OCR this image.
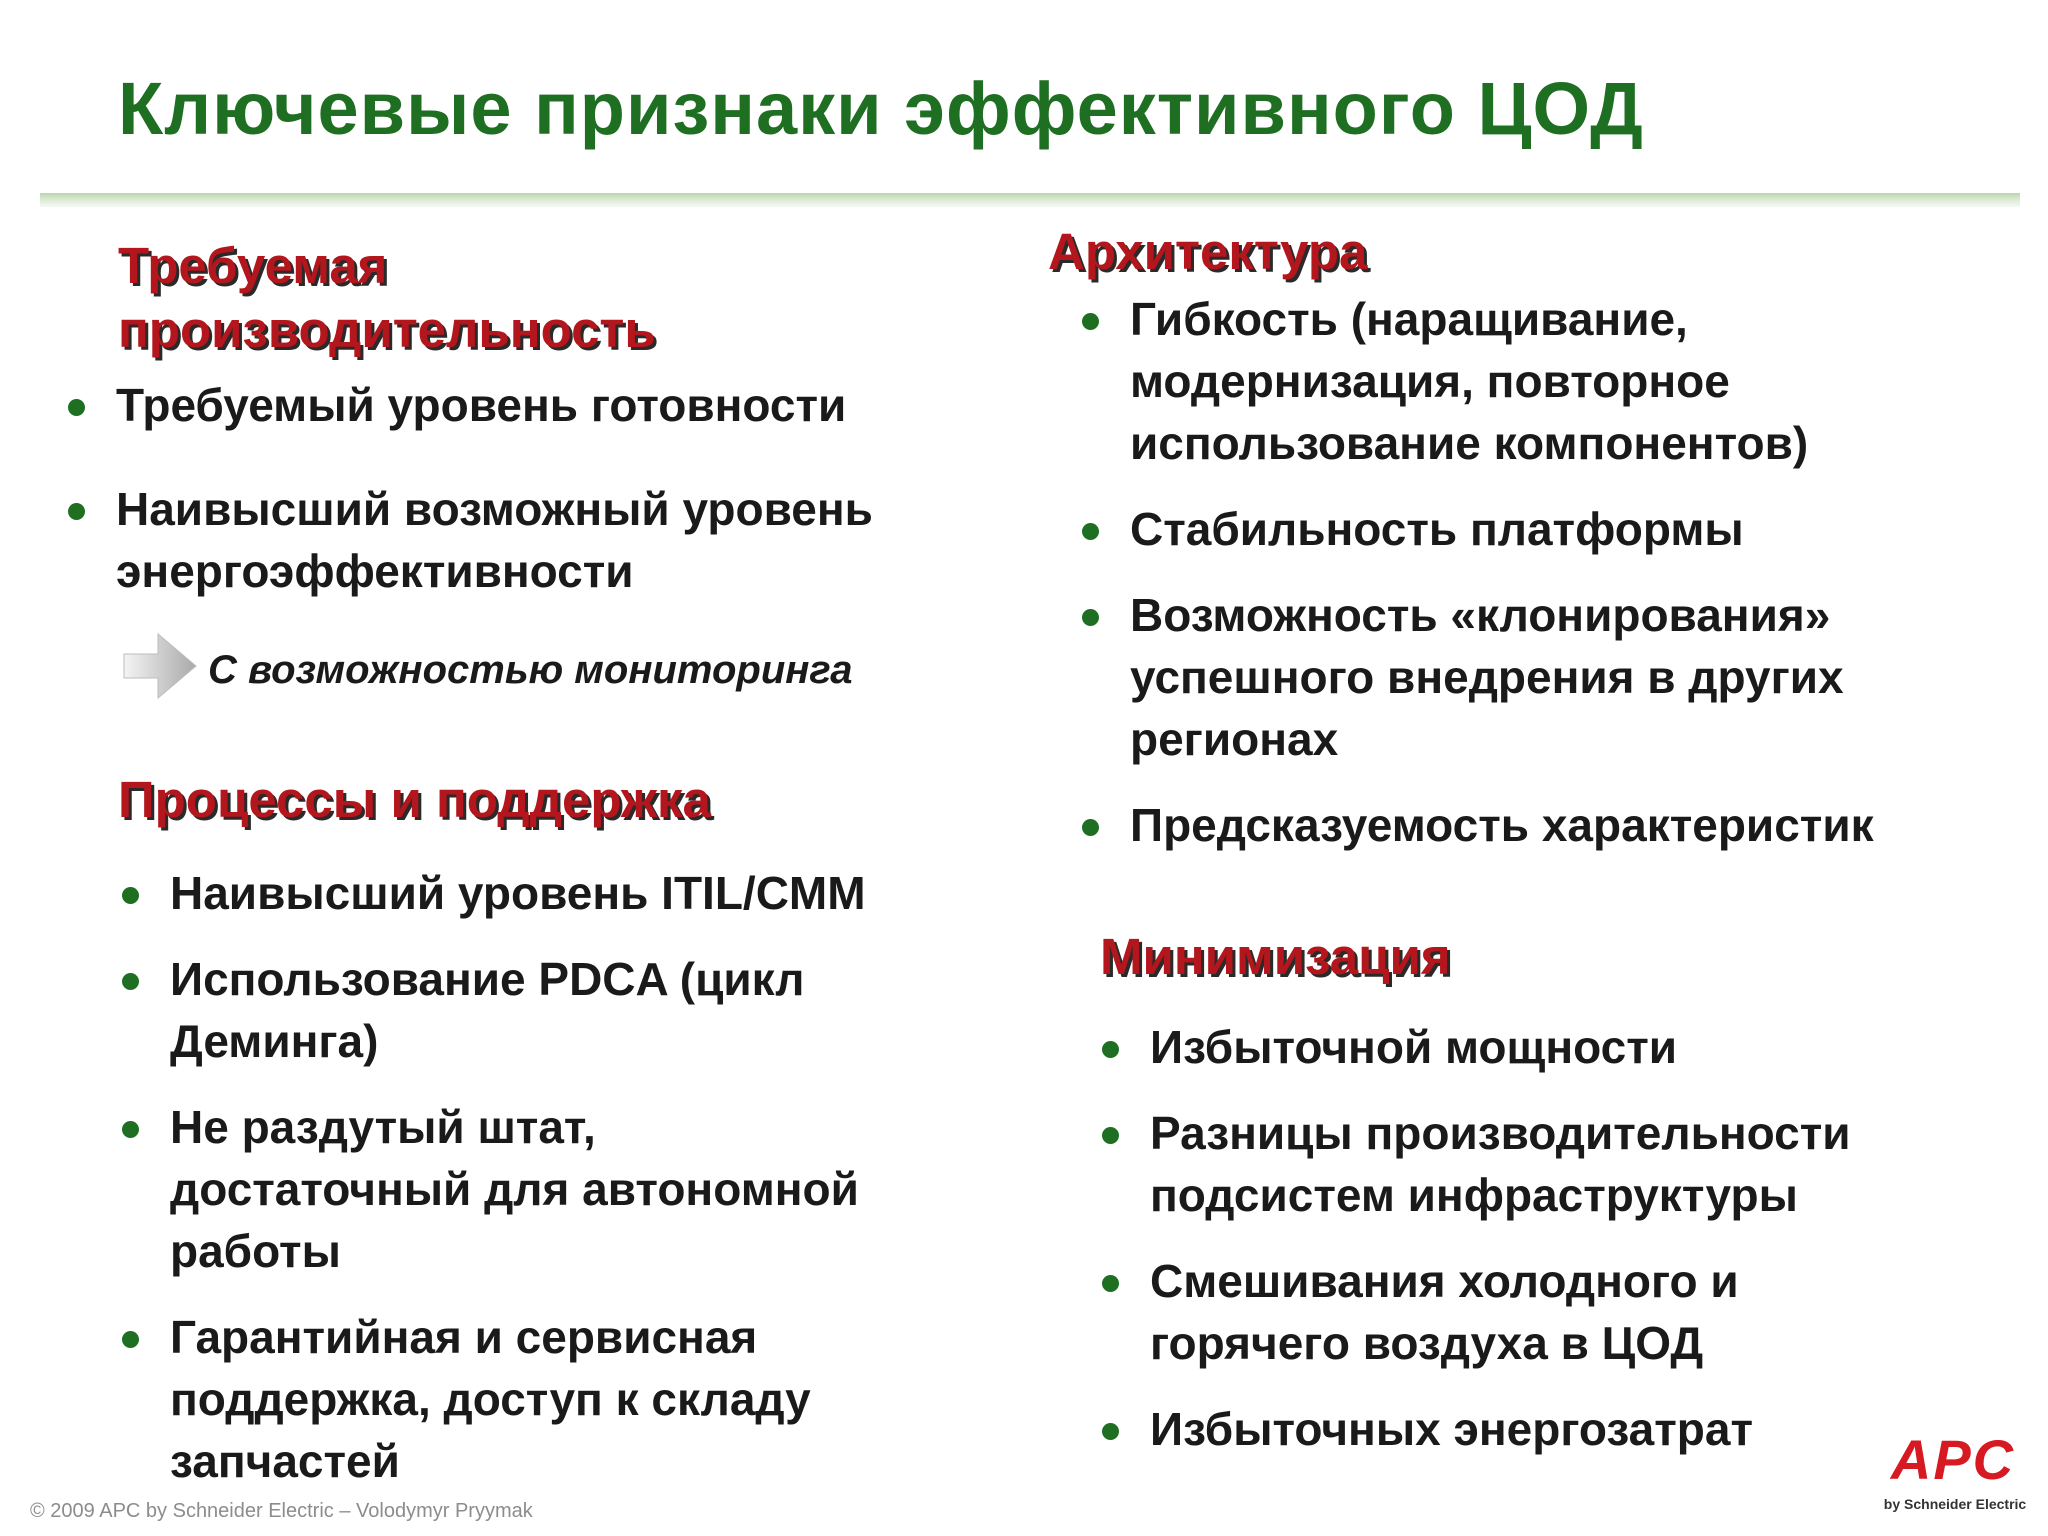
Ключевые признаки эффективного ЦОД
Требуемая
производительность
Требуемый уровень готовности
Наивысший возможный уровень
энергоэффективности
С возможностью мониторинга
Процессы и поддержка
Наивысший уровень ITIL/CMM
Использование PDCA (цикл
Деминга)
Не раздутый штат,
достаточный для автономной
работы
Гарантийная и сервисная
поддержка, доступ к складу
запчастей
Архитектура
Гибкость (наращивание,
модернизация, повторное
использование компонентов)
Стабильность платформы
Возможность «клонирования»
успешного внедрения в других
регионах
Предсказуемость характеристик
Минимизация
Избыточной мощности
Разницы производительности
подсистем инфраструктуры
Смешивания холодного и
горячего воздуха в ЦОД
Избыточных энергозатрат
© 2009 APC by Schneider Electric – Volodymyr Pryymak
APC
by Schneider Electric
